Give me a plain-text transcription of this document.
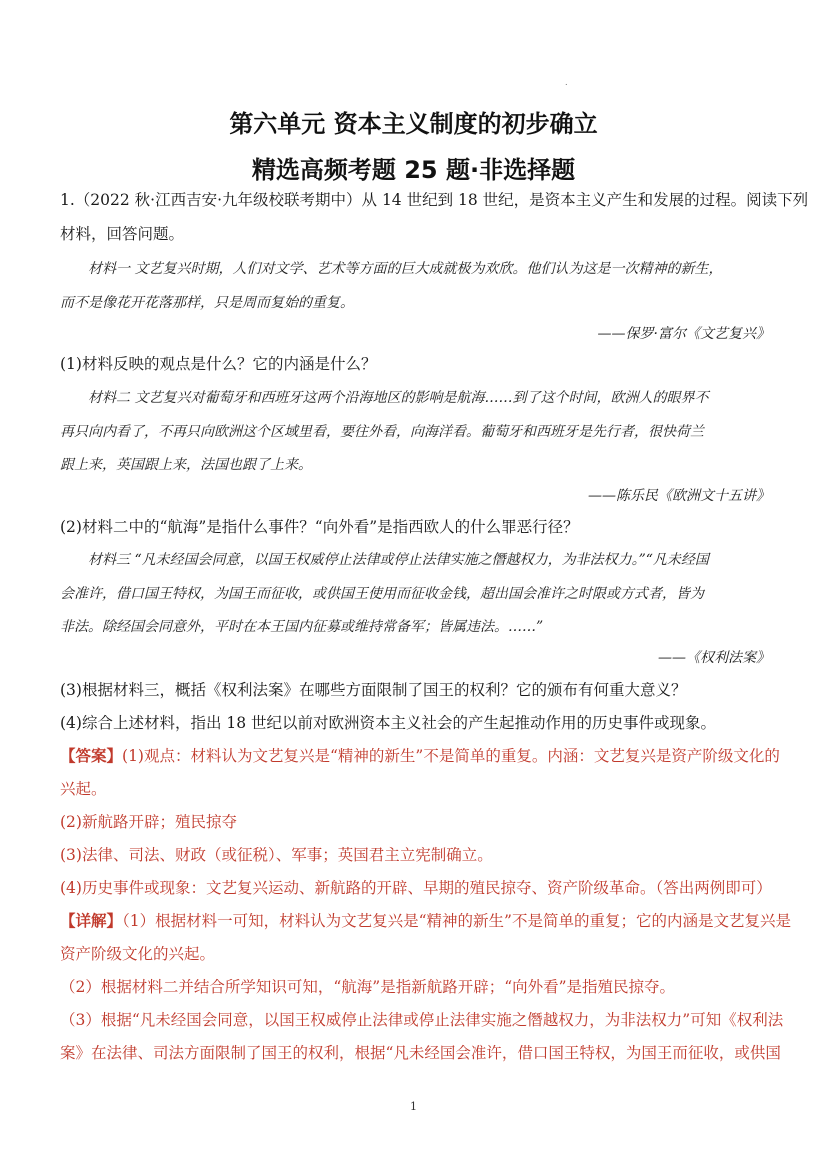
.
第六单元 资本主义制度的初步确立
精选高频考题 25 题·非选择题
1.（2022 秋·江西吉安·九年级校联考期中）从 14 世纪到 18 世纪，是资本主义产生和发展的过程。阅读下列
材料，回答问题。
材料一 文艺复兴时期，人们对文学、艺术等方面的巨大成就极为欢欣。他们认为这是一次精神的新生，
而不是像花开花落那样，只是周而复始的重复。
——保罗·富尔《文艺复兴》
(1)材料反映的观点是什么？它的内涵是什么？
材料二 文艺复兴对葡萄牙和西班牙这两个沿海地区的影响是航海……到了这个时间，欧洲人的眼界不
再只向内看了，不再只向欧洲这个区域里看，要往外看，向海洋看。葡萄牙和西班牙是先行者，很快荷兰
跟上来，英国跟上来，法国也跟了上来。
——陈乐民《欧洲文十五讲》
(2)材料二中的“航海”是指什么事件？“向外看”是指西欧人的什么罪恶行径？
材料三 “凡未经国会同意，以国王权威停止法律或停止法律实施之僭越权力，为非法权力。”“凡未经国
会准许，借口国王特权，为国王而征收，或供国王使用而征收金钱，超出国会准许之时限或方式者，皆为
非法。除经国会同意外，平时在本王国内征募或维持常备军；皆属违法。……”
——《权利法案》
(3)根据材料三，概括《权利法案》在哪些方面限制了国王的权利？它的颁布有何重大意义？
(4)综合上述材料，指出 18 世纪以前对欧洲资本主义社会的产生起推动作用的历史事件或现象。
【答案】(1)观点：材料认为文艺复兴是“精神的新生”不是简单的重复。内涵：文艺复兴是资产阶级文化的
兴起。
(2)新航路开辟；殖民掠夺
(3)法律、司法、财政（或征税）、军事；英国君主立宪制确立。
(4)历史事件或现象：文艺复兴运动、新航路的开辟、早期的殖民掠夺、资产阶级革命。（答出两例即可）
【详解】（1）根据材料一可知，材料认为文艺复兴是“精神的新生”不是简单的重复；它的内涵是文艺复兴是
资产阶级文化的兴起。
（2）根据材料二并结合所学知识可知，“航海”是指新航路开辟；“向外看”是指殖民掠夺。
（3）根据“凡未经国会同意，以国王权威停止法律或停止法律实施之僭越权力，为非法权力”可知《权利法
案》在法律、司法方面限制了国王的权利，根据“凡未经国会准许，借口国王特权，为国王而征收，或供国
1
